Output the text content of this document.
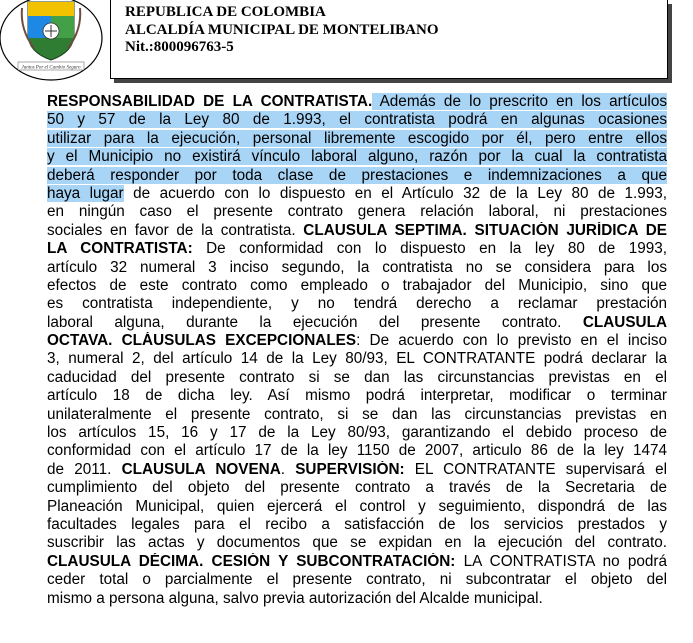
Juntos Por el Cambio Seguro
REPUBLICA DE COLOMBIA
ALCALDÍA MUNICIPAL DE MONTELIBANO
Nit.:800096763-5
RESPONSABILIDAD DE LA CONTRATISTA. Además de lo prescrito en los artículos
50 y 57 de la Ley 80 de 1.993, el contratista podrá en algunas ocasiones
utilizar para la ejecución, personal libremente escogido por él, pero entre ellos
y el Municipio no existirá vínculo laboral alguno, razón por la cual la contratista
deberá responder por toda clase de prestaciones e indemnizaciones a que
haya lugar de acuerdo con lo dispuesto en el Artículo 32 de la Ley 80 de 1.993,
en ningún caso el presente contrato genera relación laboral, ni prestaciones
sociales en favor de la contratista. CLAUSULA SEPTIMA. SITUACIÓN JURÍDICA DE
LA CONTRATISTA: De conformidad con lo dispuesto en la ley 80 de 1993,
artículo 32 numeral 3 inciso segundo, la contratista no se considera para los
efectos de este contrato como empleado o trabajador del Municipio, sino que
es contratista independiente, y no tendrá derecho a reclamar prestación
laboral alguna, durante la ejecución del presente contrato. CLAUSULA
OCTAVA. CLÁUSULAS EXCEPCIONALES: De acuerdo con lo previsto en el inciso
3, numeral 2, del artículo 14 de la Ley 80/93, EL CONTRATANTE podrá declarar la
caducidad del presente contrato si se dan las circunstancias previstas en el
artículo 18 de dicha ley. Así mismo podrá interpretar, modificar o terminar
unilateralmente el presente contrato, si se dan las circunstancias previstas en
los artículos 15, 16 y 17 de la Ley 80/93, garantizando el debido proceso de
conformidad con el artículo 17 de la ley 1150 de 2007, articulo 86 de la ley 1474
de 2011. CLAUSULA NOVENA. SUPERVISIÓN: EL CONTRATANTE supervisará el
cumplimiento del objeto del presente contrato a través de la Secretaria de
Planeación Municipal, quien ejercerá el control y seguimiento, dispondrá de las
facultades legales para el recibo a satisfacción de los servicios prestados y
suscribir las actas y documentos que se expidan en la ejecución del contrato.
CLAUSULA DÉCIMA. CESIÓN Y SUBCONTRATACIÓN: LA CONTRATISTA no podrá
ceder total o parcialmente el presente contrato, ni subcontratar el objeto del
mismo a persona alguna, salvo previa autorización del Alcalde municipal.
